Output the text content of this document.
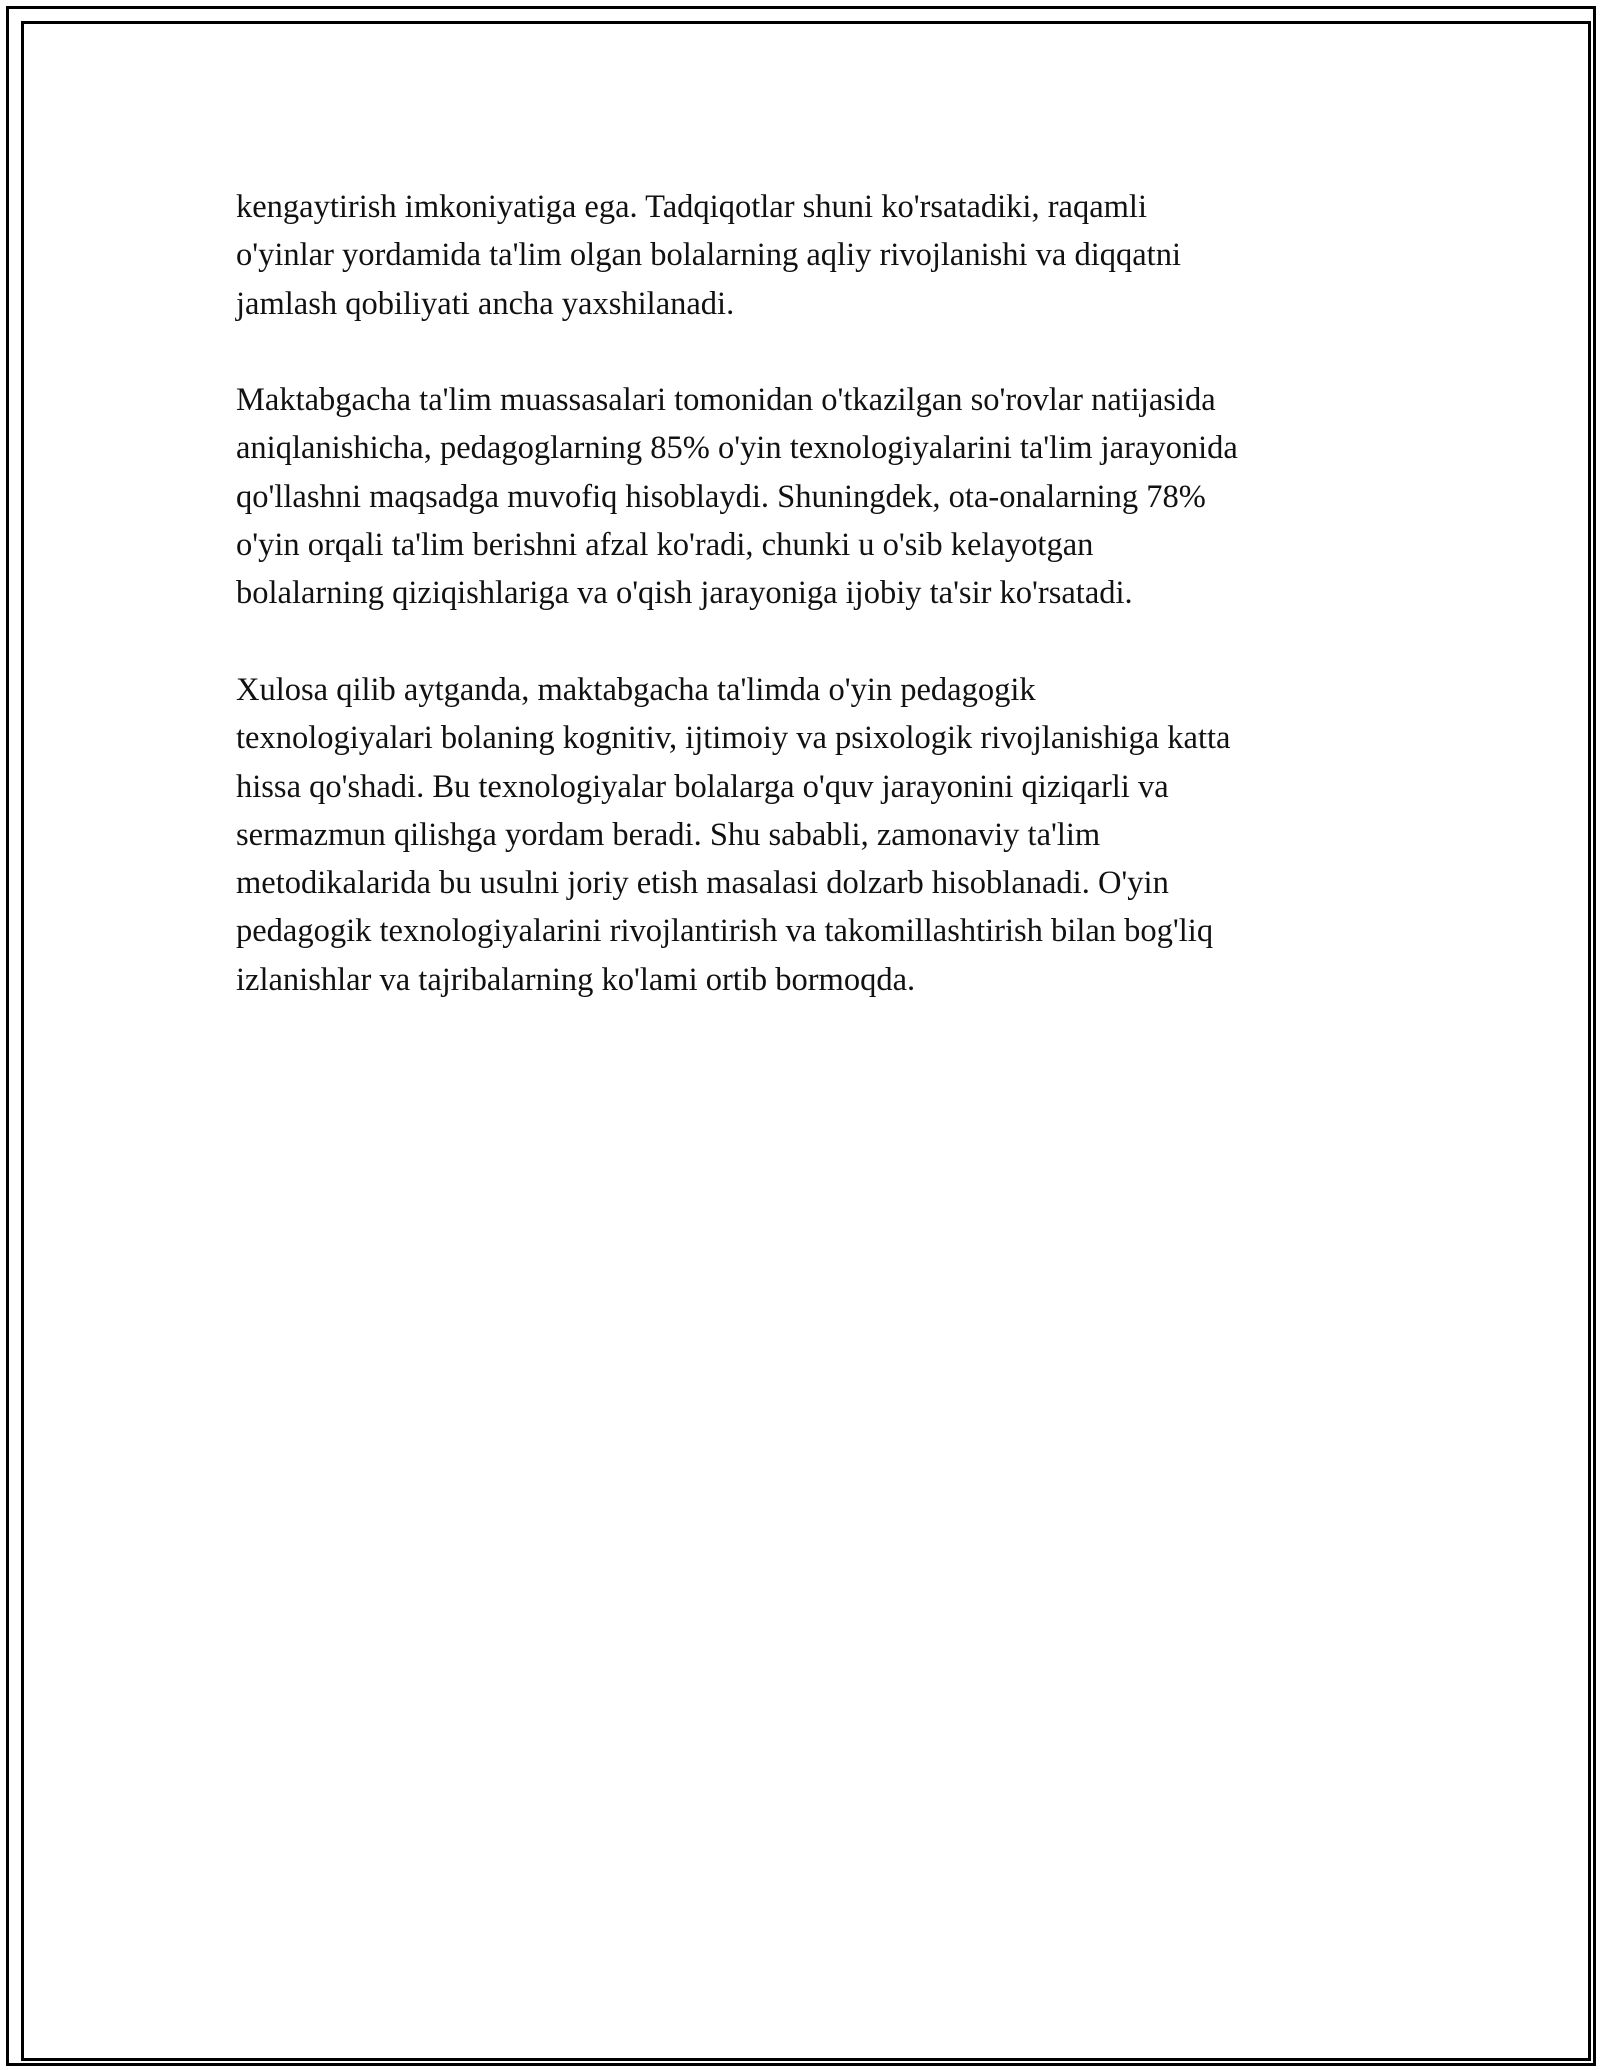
kengaytirish imkoniyatiga ega. Tadqiqotlar shuni ko'rsatadiki, raqamli
o'yinlar yordamida ta'lim olgan bolalarning aqliy rivojlanishi va diqqatni
jamlash qobiliyati ancha yaxshilanadi.

Maktabgacha ta'lim muassasalari tomonidan o'tkazilgan so'rovlar natijasida
aniqlanishicha, pedagoglarning 85% o'yin texnologiyalarini ta'lim jarayonida
qo'llashni maqsadga muvofiq hisoblaydi. Shuningdek, ota-onalarning 78%
o'yin orqali ta'lim berishni afzal ko'radi, chunki u o'sib kelayotgan
bolalarning qiziqishlariga va o'qish jarayoniga ijobiy ta'sir ko'rsatadi.

Xulosa qilib aytganda, maktabgacha ta'limda o'yin pedagogik
texnologiyalari bolaning kognitiv, ijtimoiy va psixologik rivojlanishiga katta
hissa qo'shadi. Bu texnologiyalar bolalarga o'quv jarayonini qiziqarli va
sermazmun qilishga yordam beradi. Shu sababli, zamonaviy ta'lim
metodikalarida bu usulni joriy etish masalasi dolzarb hisoblanadi. O'yin
pedagogik texnologiyalarini rivojlantirish va takomillashtirish bilan bog'liq
izlanishlar va tajribalarning ko'lami ortib bormoqda.
